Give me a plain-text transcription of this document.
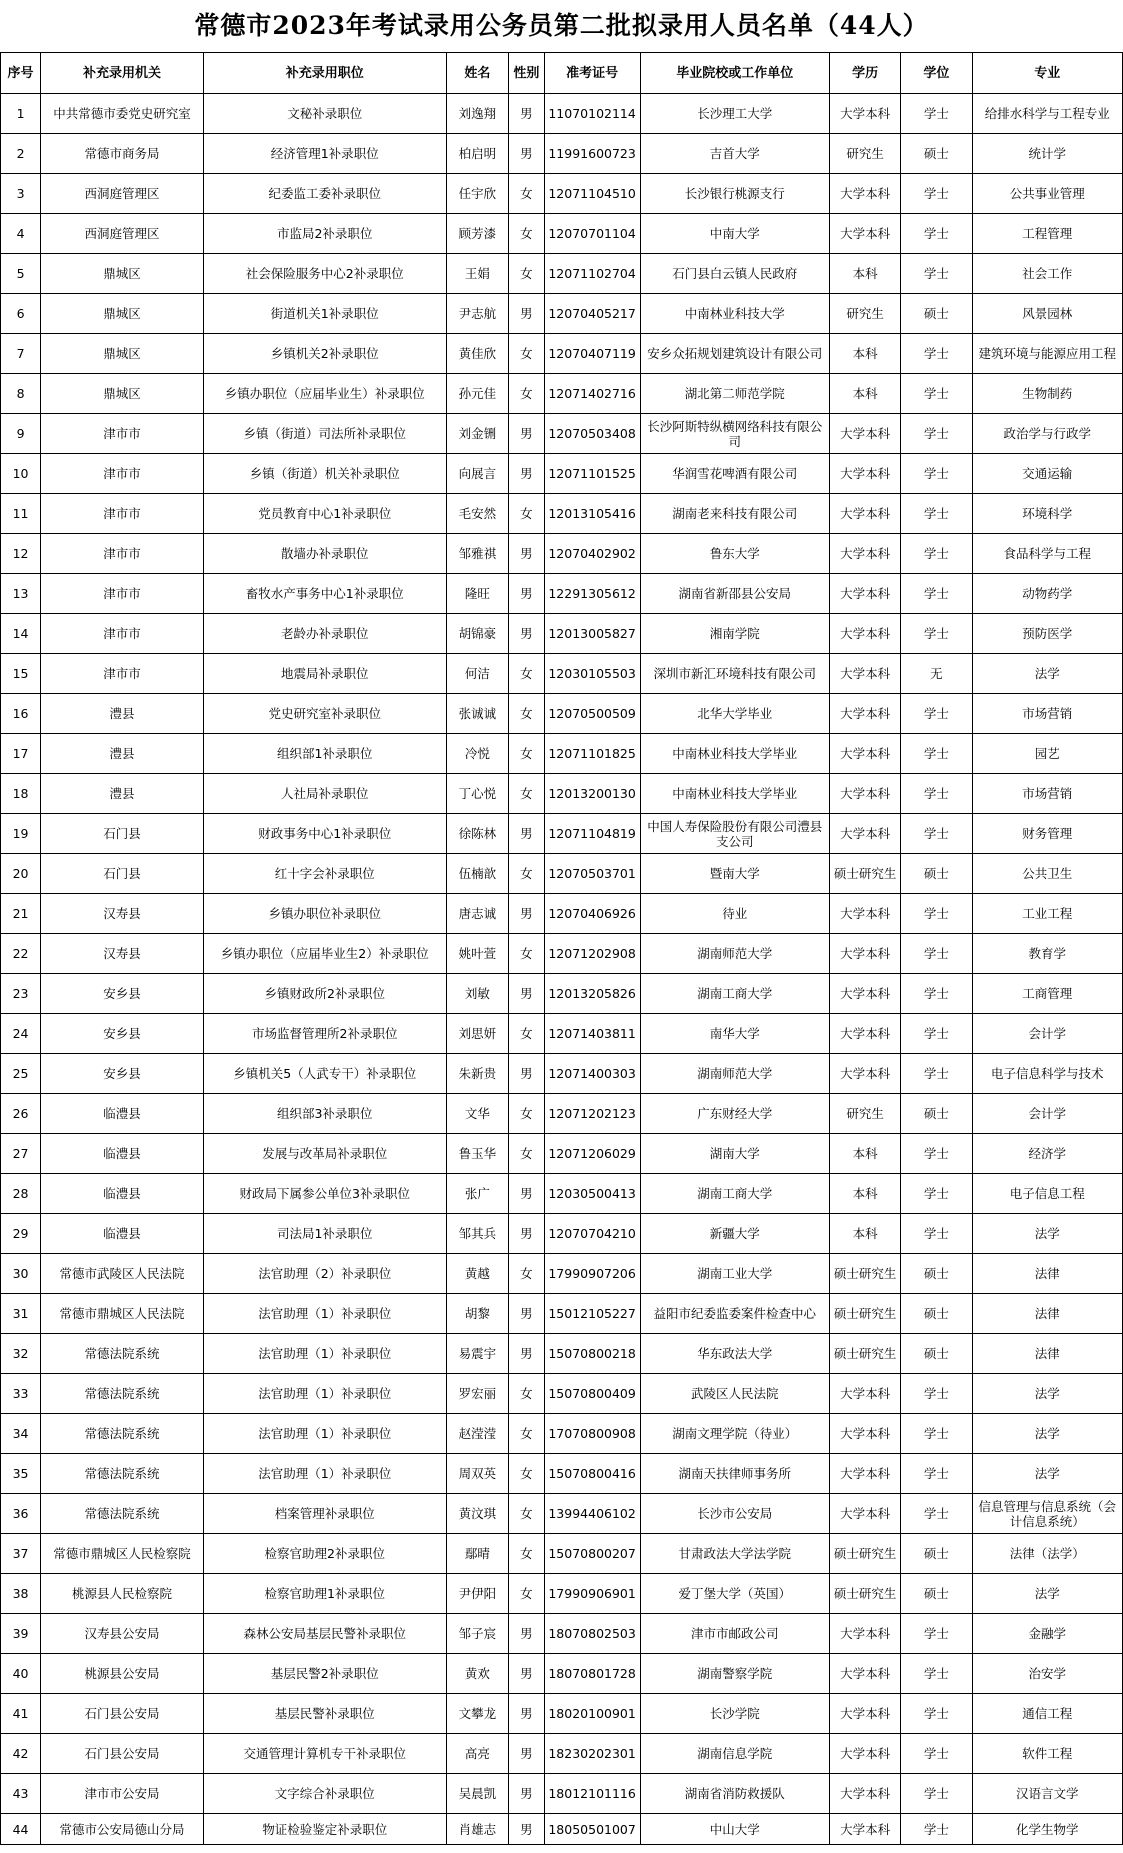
常德市2023年考试录用公务员第二批拟录用人员名单（44人）
序号	补充录用机关	补充录用职位	姓名	性别	准考证号	毕业院校或工作单位	学历	学位	专业
1	中共常德市委党史研究室	文秘补录职位	刘逸翔	男	11070102114	长沙理工大学	大学本科	学士	给排水科学与工程专业
2	常德市商务局	经济管理1补录职位	柏启明	男	11991600723	吉首大学	研究生	硕士	统计学
3	西洞庭管理区	纪委监工委补录职位	任宇欣	女	12071104510	长沙银行桃源支行	大学本科	学士	公共事业管理
4	西洞庭管理区	市监局2补录职位	顾芳漆	女	12070701104	中南大学	大学本科	学士	工程管理
5	鼎城区	社会保险服务中心2补录职位	王娟	女	12071102704	石门县白云镇人民政府	本科	学士	社会工作
6	鼎城区	街道机关1补录职位	尹志航	男	12070405217	中南林业科技大学	研究生	硕士	风景园林
7	鼎城区	乡镇机关2补录职位	黄佳欣	女	12070407119	安乡众拓规划建筑设计有限公司	本科	学士	建筑环境与能源应用工程
8	鼎城区	乡镇办职位（应届毕业生）补录职位	孙元佳	女	12071402716	湖北第二师范学院	本科	学士	生物制药
9	津市市	乡镇（街道）司法所补录职位	刘金铏	男	12070503408	长沙阿斯特纵横网络科技有限公司	大学本科	学士	政治学与行政学
10	津市市	乡镇（街道）机关补录职位	向展言	男	12071101525	华润雪花啤酒有限公司	大学本科	学士	交通运输
11	津市市	党员教育中心1补录职位	毛安然	女	12013105416	湖南老来科技有限公司	大学本科	学士	环境科学
12	津市市	散墙办补录职位	邹雅祺	男	12070402902	鲁东大学	大学本科	学士	食品科学与工程
13	津市市	畜牧水产事务中心1补录职位	隆旺	男	12291305612	湖南省新邵县公安局	大学本科	学士	动物药学
14	津市市	老龄办补录职位	胡锦豪	男	12013005827	湘南学院	大学本科	学士	预防医学
15	津市市	地震局补录职位	何洁	女	12030105503	深圳市新汇环境科技有限公司	大学本科	无	法学
16	澧县	党史研究室补录职位	张诚诚	女	12070500509	北华大学毕业	大学本科	学士	市场营销
17	澧县	组织部1补录职位	冷悦	女	12071101825	中南林业科技大学毕业	大学本科	学士	园艺
18	澧县	人社局补录职位	丁心悦	女	12013200130	中南林业科技大学毕业	大学本科	学士	市场营销
19	石门县	财政事务中心1补录职位	徐陈林	男	12071104819	中国人寿保险股份有限公司澧县支公司	大学本科	学士	财务管理
20	石门县	红十字会补录职位	伍楠歆	女	12070503701	暨南大学	硕士研究生	硕士	公共卫生
21	汉寿县	乡镇办职位补录职位	唐志诚	男	12070406926	待业	大学本科	学士	工业工程
22	汉寿县	乡镇办职位（应届毕业生2）补录职位	姚叶萱	女	12071202908	湖南师范大学	大学本科	学士	教育学
23	安乡县	乡镇财政所2补录职位	刘敏	男	12013205826	湖南工商大学	大学本科	学士	工商管理
24	安乡县	市场监督管理所2补录职位	刘思妍	女	12071403811	南华大学	大学本科	学士	会计学
25	安乡县	乡镇机关5（人武专干）补录职位	朱新贵	男	12071400303	湖南师范大学	大学本科	学士	电子信息科学与技术
26	临澧县	组织部3补录职位	文华	女	12071202123	广东财经大学	研究生	硕士	会计学
27	临澧县	发展与改革局补录职位	鲁玉华	女	12071206029	湖南大学	本科	学士	经济学
28	临澧县	财政局下属参公单位3补录职位	张广	男	12030500413	湖南工商大学	本科	学士	电子信息工程
29	临澧县	司法局1补录职位	邹其兵	男	12070704210	新疆大学	本科	学士	法学
30	常德市武陵区人民法院	法官助理（2）补录职位	黄越	女	17990907206	湖南工业大学	硕士研究生	硕士	法律
31	常德市鼎城区人民法院	法官助理（1）补录职位	胡黎	男	15012105227	益阳市纪委监委案件检查中心	硕士研究生	硕士	法律
32	常德法院系统	法官助理（1）补录职位	易震宇	男	15070800218	华东政法大学	硕士研究生	硕士	法律
33	常德法院系统	法官助理（1）补录职位	罗宏丽	女	15070800409	武陵区人民法院	大学本科	学士	法学
34	常德法院系统	法官助理（1）补录职位	赵滢滢	女	17070800908	湖南文理学院（待业）	大学本科	学士	法学
35	常德法院系统	法官助理（1）补录职位	周双英	女	15070800416	湖南天扶律师事务所	大学本科	学士	法学
36	常德法院系统	档案管理补录职位	黄汶琪	女	13994406102	长沙市公安局	大学本科	学士	信息管理与信息系统（会计信息系统）
37	常德市鼎城区人民检察院	检察官助理2补录职位	鄢晴	女	15070800207	甘肃政法大学法学院	硕士研究生	硕士	法律（法学）
38	桃源县人民检察院	检察官助理1补录职位	尹伊阳	女	17990906901	爱丁堡大学（英国）	硕士研究生	硕士	法学
39	汉寿县公安局	森林公安局基层民警补录职位	邹子宸	男	18070802503	津市市邮政公司	大学本科	学士	金融学
40	桃源县公安局	基层民警2补录职位	黄欢	男	18070801728	湖南警察学院	大学本科	学士	治安学
41	石门县公安局	基层民警补录职位	文攀龙	男	18020100901	长沙学院	大学本科	学士	通信工程
42	石门县公安局	交通管理计算机专干补录职位	高亮	男	18230202301	湖南信息学院	大学本科	学士	软件工程
43	津市市公安局	文字综合补录职位	吴晨凯	男	18012101116	湖南省消防救援队	大学本科	学士	汉语言文学
44	常德市公安局德山分局	物证检验鉴定补录职位	肖雄志	男	18050501007	中山大学	大学本科	学士	化学生物学
